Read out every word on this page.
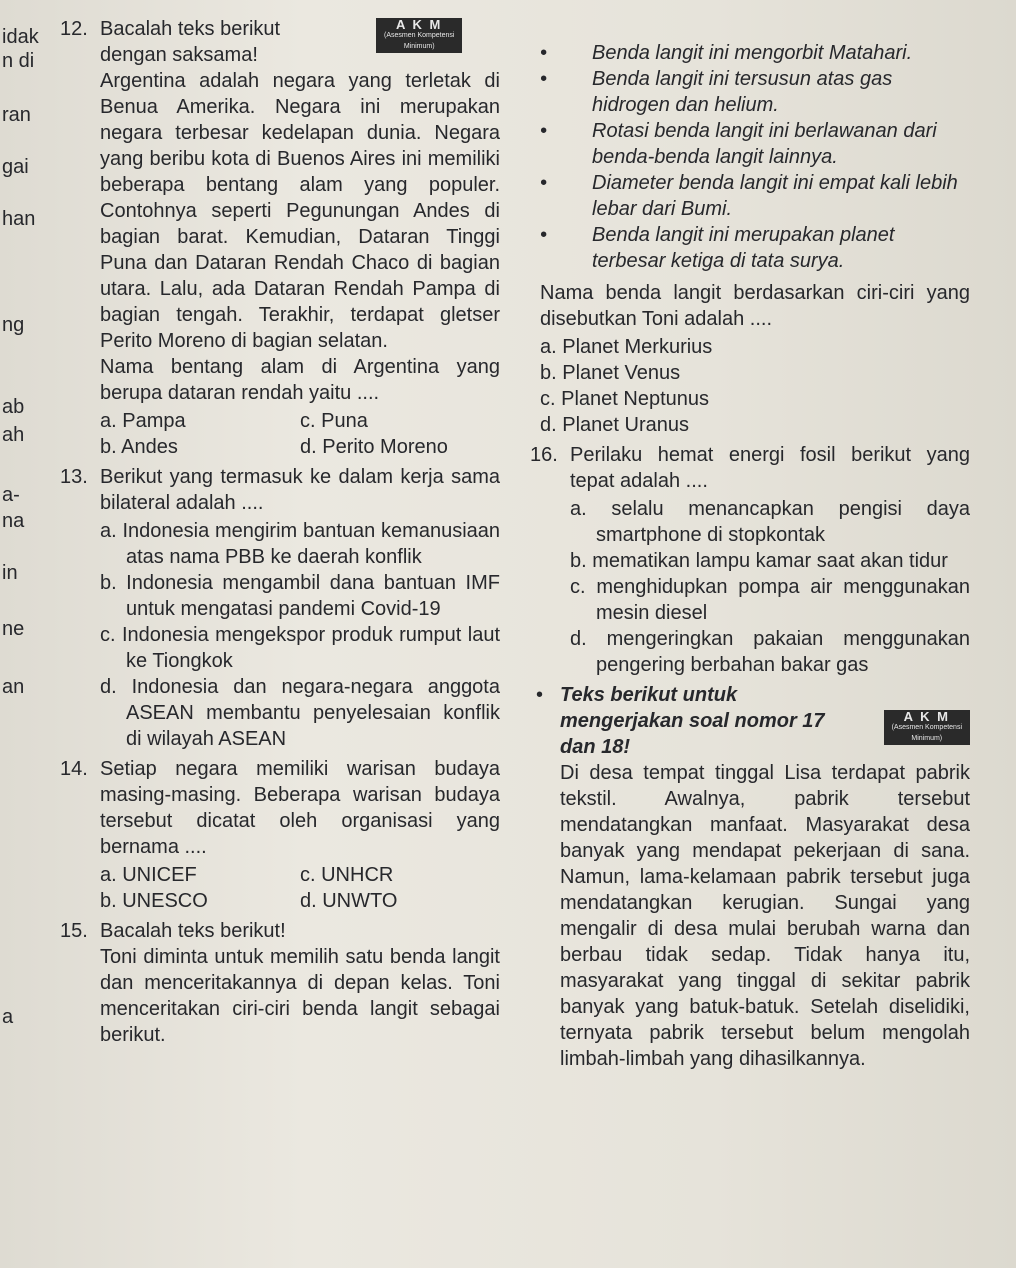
idak
n di
ran
gai
han
ng
ab
ah
a-
na
in
ne
an
a
12. Bacalah teks berikut dengan saksama!
A K M
(Asesmen Kompetensi
Minimum)
Argentina adalah negara yang terletak di Benua Amerika. Negara ini merupakan negara terbesar kedelapan dunia. Negara yang beribu kota di Buenos Aires ini memiliki beberapa bentang alam yang populer. Contohnya seperti Pegunungan Andes di bagian barat. Kemudian, Dataran Tinggi Puna dan Dataran Rendah Chaco di bagian utara. Lalu, ada Dataran Rendah Pampa di bagian tengah. Terakhir, terdapat gletser Perito Moreno di bagian selatan.
Nama bentang alam di Argentina yang berupa dataran rendah yaitu ....
a. Pampa	c. Puna
b. Andes	d. Perito Moreno
13. Berikut yang termasuk ke dalam kerja sama bilateral adalah ....
a. Indonesia mengirim bantuan kemanusiaan atas nama PBB ke daerah konflik
b. Indonesia mengambil dana bantuan IMF untuk mengatasi pandemi Covid-19
c. Indonesia mengekspor produk rumput laut ke Tiongkok
d. Indonesia dan negara-negara anggota ASEAN membantu penyelesaian konflik di wilayah ASEAN
14. Setiap negara memiliki warisan budaya masing-masing. Beberapa warisan budaya tersebut dicatat oleh organisasi yang bernama ....
a. UNICEF	c. UNHCR
b. UNESCO	d. UNWTO
15. Bacalah teks berikut!
Toni diminta untuk memilih satu benda langit dan menceritakannya di depan kelas. Toni menceritakan ciri-ciri benda langit sebagai berikut.
• Benda langit ini mengorbit Matahari.
• Benda langit ini tersusun atas gas hidrogen dan helium.
• Rotasi benda langit ini berlawanan dari benda-benda langit lainnya.
• Diameter benda langit ini empat kali lebih lebar dari Bumi.
• Benda langit ini merupakan planet terbesar ketiga di tata surya.
Nama benda langit berdasarkan ciri-ciri yang disebutkan Toni adalah ....
a. Planet Merkurius
b. Planet Venus
c. Planet Neptunus
d. Planet Uranus
16. Perilaku hemat energi fosil berikut yang tepat adalah ....
a. selalu menancapkan pengisi daya smartphone di stopkontak
b. mematikan lampu kamar saat akan tidur
c. menghidupkan pompa air menggunakan mesin diesel
d. mengeringkan pakaian menggunakan pengering berbahan bakar gas
•
A K M
(Asesmen Kompetensi
Minimum)
Teks berikut untuk mengerjakan soal nomor 17 dan 18!
Di desa tempat tinggal Lisa terdapat pabrik tekstil. Awalnya, pabrik tersebut mendatangkan manfaat. Masyarakat desa banyak yang mendapat pekerjaan di sana. Namun, lama-kelamaan pabrik tersebut juga mendatangkan kerugian. Sungai yang mengalir di desa mulai berubah warna dan berbau tidak sedap. Tidak hanya itu, masyarakat yang tinggal di sekitar pabrik banyak yang batuk-batuk. Setelah diselidiki, ternyata pabrik tersebut belum mengolah limbah-limbah yang dihasilkannya.
